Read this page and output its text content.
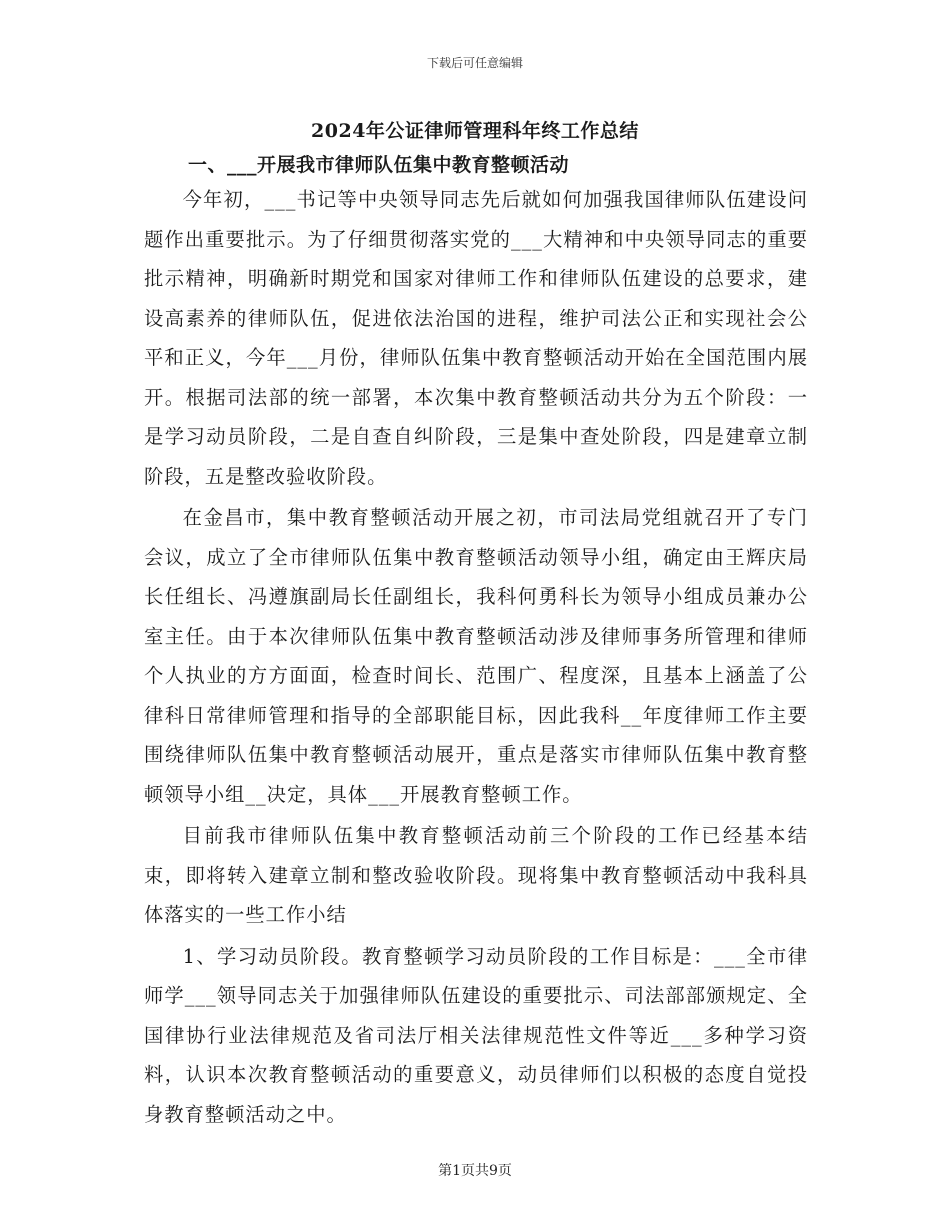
下载后可任意编辑
2024年公证律师管理科年终工作总结
一、___开展我市律师队伍集中教育整顿活动

今年初，___书记等中央领导同志先后就如何加强我国律师队伍建设问题作出重要批示。为了仔细贯彻落实党的___大精神和中央领导同志的重要批示精神，明确新时期党和国家对律师工作和律师队伍建设的总要求，建设高素养的律师队伍，促进依法治国的进程，维护司法公正和实现社会公平和正义，今年___月份，律师队伍集中教育整顿活动开始在全国范围内展开。根据司法部的统一部署，本次集中教育整顿活动共分为五个阶段：一是学习动员阶段，二是自查自纠阶段，三是集中查处阶段，四是建章立制阶段，五是整改验收阶段。

在金昌市，集中教育整顿活动开展之初，市司法局党组就召开了专门会议，成立了全市律师队伍集中教育整顿活动领导小组，确定由王辉庆局长任组长、冯遵旗副局长任副组长，我科何勇科长为领导小组成员兼办公室主任。由于本次律师队伍集中教育整顿活动涉及律师事务所管理和律师个人执业的方方面面，检查时间长、范围广、程度深，且基本上涵盖了公律科日常律师管理和指导的全部职能目标，因此我科__年度律师工作主要围绕律师队伍集中教育整顿活动展开，重点是落实市律师队伍集中教育整顿领导小组__决定，具体___开展教育整顿工作。

目前我市律师队伍集中教育整顿活动前三个阶段的工作已经基本结束，即将转入建章立制和整改验收阶段。现将集中教育整顿活动中我科具体落实的一些工作小结

1、学习动员阶段。教育整顿学习动员阶段的工作目标是：___全市律师学___领导同志关于加强律师队伍建设的重要批示、司法部部颁规定、全国律协行业法律规范及省司法厅相关法律规范性文件等近___多种学习资料，认识本次教育整顿活动的重要意义，动员律师们以积极的态度自觉投身教育整顿活动之中。

第1页共9页
